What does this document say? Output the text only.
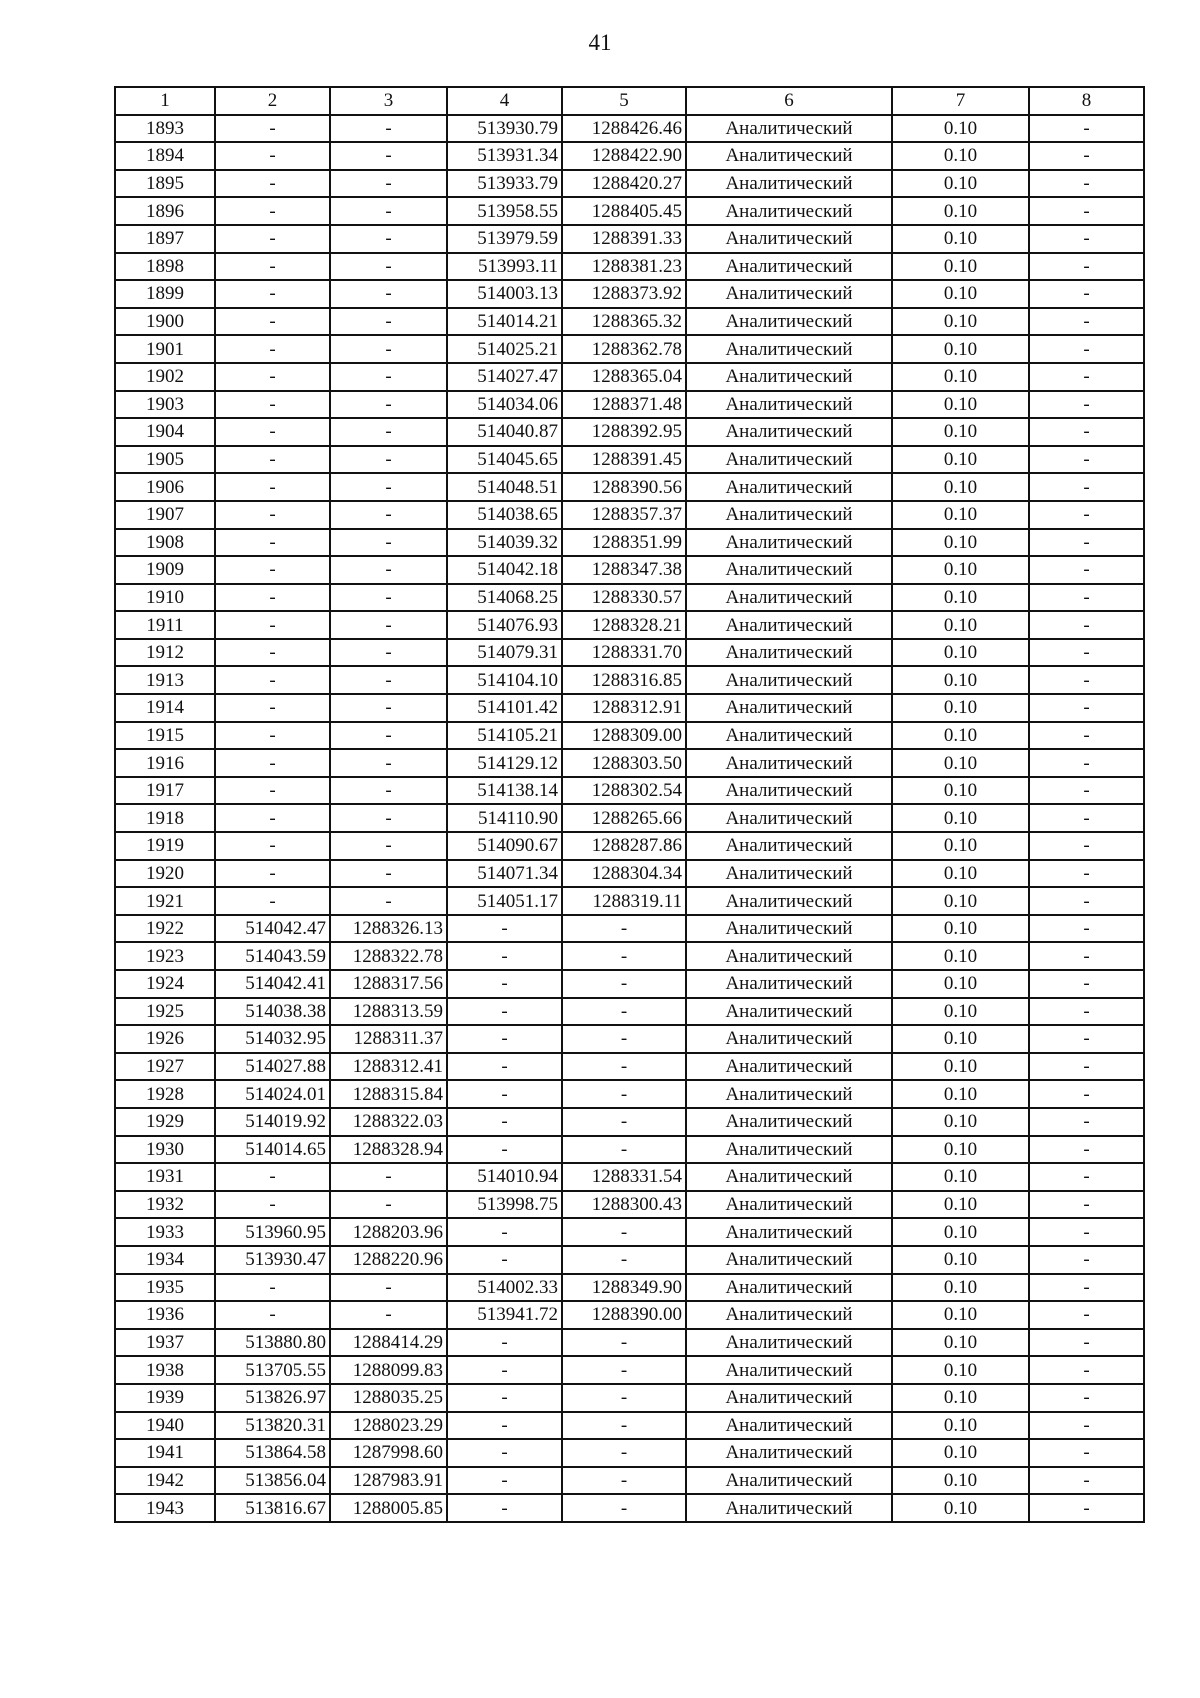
41
1	2	3	4	5	6	7	8
1893	-	-	513930.79	1288426.46	Аналитический	0.10	-
1894	-	-	513931.34	1288422.90	Аналитический	0.10	-
1895	-	-	513933.79	1288420.27	Аналитический	0.10	-
1896	-	-	513958.55	1288405.45	Аналитический	0.10	-
1897	-	-	513979.59	1288391.33	Аналитический	0.10	-
1898	-	-	513993.11	1288381.23	Аналитический	0.10	-
1899	-	-	514003.13	1288373.92	Аналитический	0.10	-
1900	-	-	514014.21	1288365.32	Аналитический	0.10	-
1901	-	-	514025.21	1288362.78	Аналитический	0.10	-
1902	-	-	514027.47	1288365.04	Аналитический	0.10	-
1903	-	-	514034.06	1288371.48	Аналитический	0.10	-
1904	-	-	514040.87	1288392.95	Аналитический	0.10	-
1905	-	-	514045.65	1288391.45	Аналитический	0.10	-
1906	-	-	514048.51	1288390.56	Аналитический	0.10	-
1907	-	-	514038.65	1288357.37	Аналитический	0.10	-
1908	-	-	514039.32	1288351.99	Аналитический	0.10	-
1909	-	-	514042.18	1288347.38	Аналитический	0.10	-
1910	-	-	514068.25	1288330.57	Аналитический	0.10	-
1911	-	-	514076.93	1288328.21	Аналитический	0.10	-
1912	-	-	514079.31	1288331.70	Аналитический	0.10	-
1913	-	-	514104.10	1288316.85	Аналитический	0.10	-
1914	-	-	514101.42	1288312.91	Аналитический	0.10	-
1915	-	-	514105.21	1288309.00	Аналитический	0.10	-
1916	-	-	514129.12	1288303.50	Аналитический	0.10	-
1917	-	-	514138.14	1288302.54	Аналитический	0.10	-
1918	-	-	514110.90	1288265.66	Аналитический	0.10	-
1919	-	-	514090.67	1288287.86	Аналитический	0.10	-
1920	-	-	514071.34	1288304.34	Аналитический	0.10	-
1921	-	-	514051.17	1288319.11	Аналитический	0.10	-
1922	514042.47	1288326.13	-	-	Аналитический	0.10	-
1923	514043.59	1288322.78	-	-	Аналитический	0.10	-
1924	514042.41	1288317.56	-	-	Аналитический	0.10	-
1925	514038.38	1288313.59	-	-	Аналитический	0.10	-
1926	514032.95	1288311.37	-	-	Аналитический	0.10	-
1927	514027.88	1288312.41	-	-	Аналитический	0.10	-
1928	514024.01	1288315.84	-	-	Аналитический	0.10	-
1929	514019.92	1288322.03	-	-	Аналитический	0.10	-
1930	514014.65	1288328.94	-	-	Аналитический	0.10	-
1931	-	-	514010.94	1288331.54	Аналитический	0.10	-
1932	-	-	513998.75	1288300.43	Аналитический	0.10	-
1933	513960.95	1288203.96	-	-	Аналитический	0.10	-
1934	513930.47	1288220.96	-	-	Аналитический	0.10	-
1935	-	-	514002.33	1288349.90	Аналитический	0.10	-
1936	-	-	513941.72	1288390.00	Аналитический	0.10	-
1937	513880.80	1288414.29	-	-	Аналитический	0.10	-
1938	513705.55	1288099.83	-	-	Аналитический	0.10	-
1939	513826.97	1288035.25	-	-	Аналитический	0.10	-
1940	513820.31	1288023.29	-	-	Аналитический	0.10	-
1941	513864.58	1287998.60	-	-	Аналитический	0.10	-
1942	513856.04	1287983.91	-	-	Аналитический	0.10	-
1943	513816.67	1288005.85	-	-	Аналитический	0.10	-
